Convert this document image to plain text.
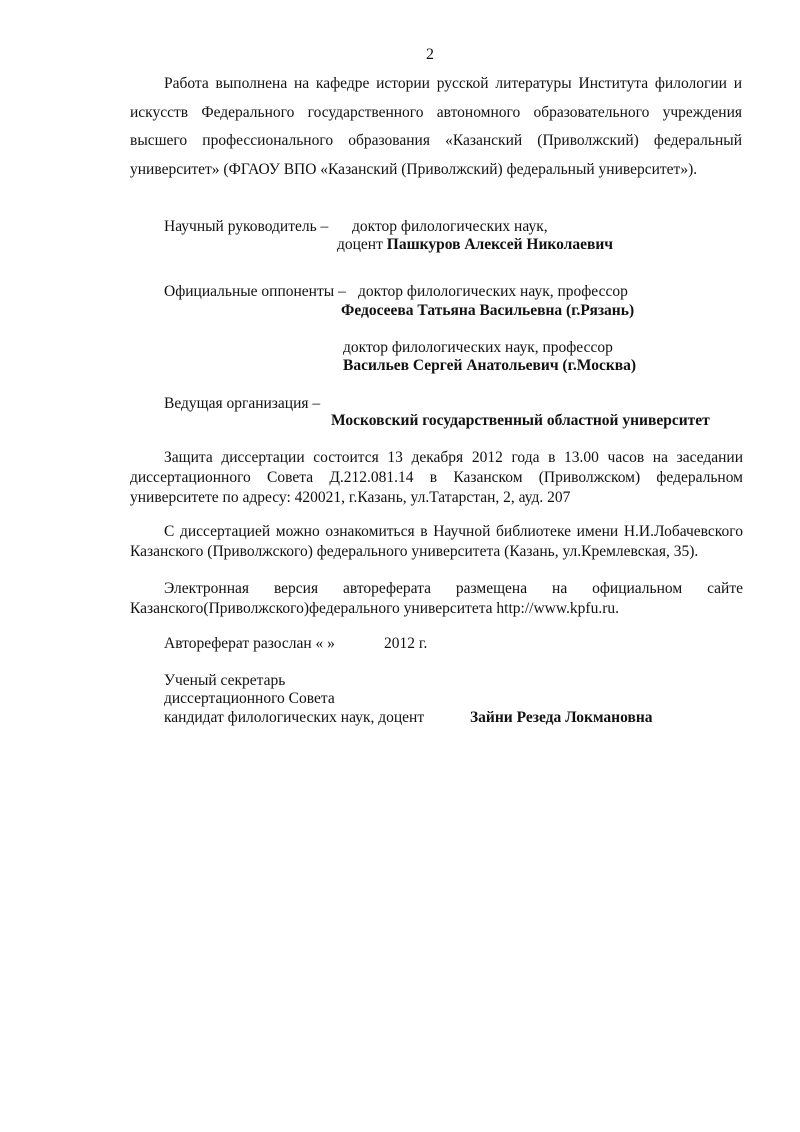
2
Работа выполнена на кафедре истории русской литературы Института филологии и искусств Федерального государственного автономного образовательного учреждения высшего профессионального образования «Казанский (Приволжский) федеральный университет» (ФГАОУ ВПО «Казанский (Приволжский) федеральный университет»).
Научный руководитель – доктор филологических наук,
доцент Пашкуров Алексей Николаевич
Официальные оппоненты – доктор филологических наук, профессор
Федосеева Татьяна Васильевна (г.Рязань)
доктор филологических наук, профессор
Васильев Сергей Анатольевич (г.Москва)
Ведущая организация –
Московский государственный областной университет
Защита диссертации состоится 13 декабря 2012 года в 13.00 часов на заседании диссертационного Совета Д.212.081.14 в Казанском (Приволжском) федеральном университете по адресу: 420021, г.Казань, ул.Татарстан, 2, ауд. 207
С диссертацией можно ознакомиться в Научной библиотеке имени Н.И.Лобачевского Казанского (Приволжского) федерального университета (Казань, ул.Кремлевская, 35).
Электронная версия автореферата размещена на официальном сайте Казанского(Приволжского)федерального университета http://www.kpfu.ru.
Автореферат разослан « »	2012 г.
Ученый секретарь
диссертационного Совета
кандидат филологических наук, доцент	Зайни Резеда Локмановна
